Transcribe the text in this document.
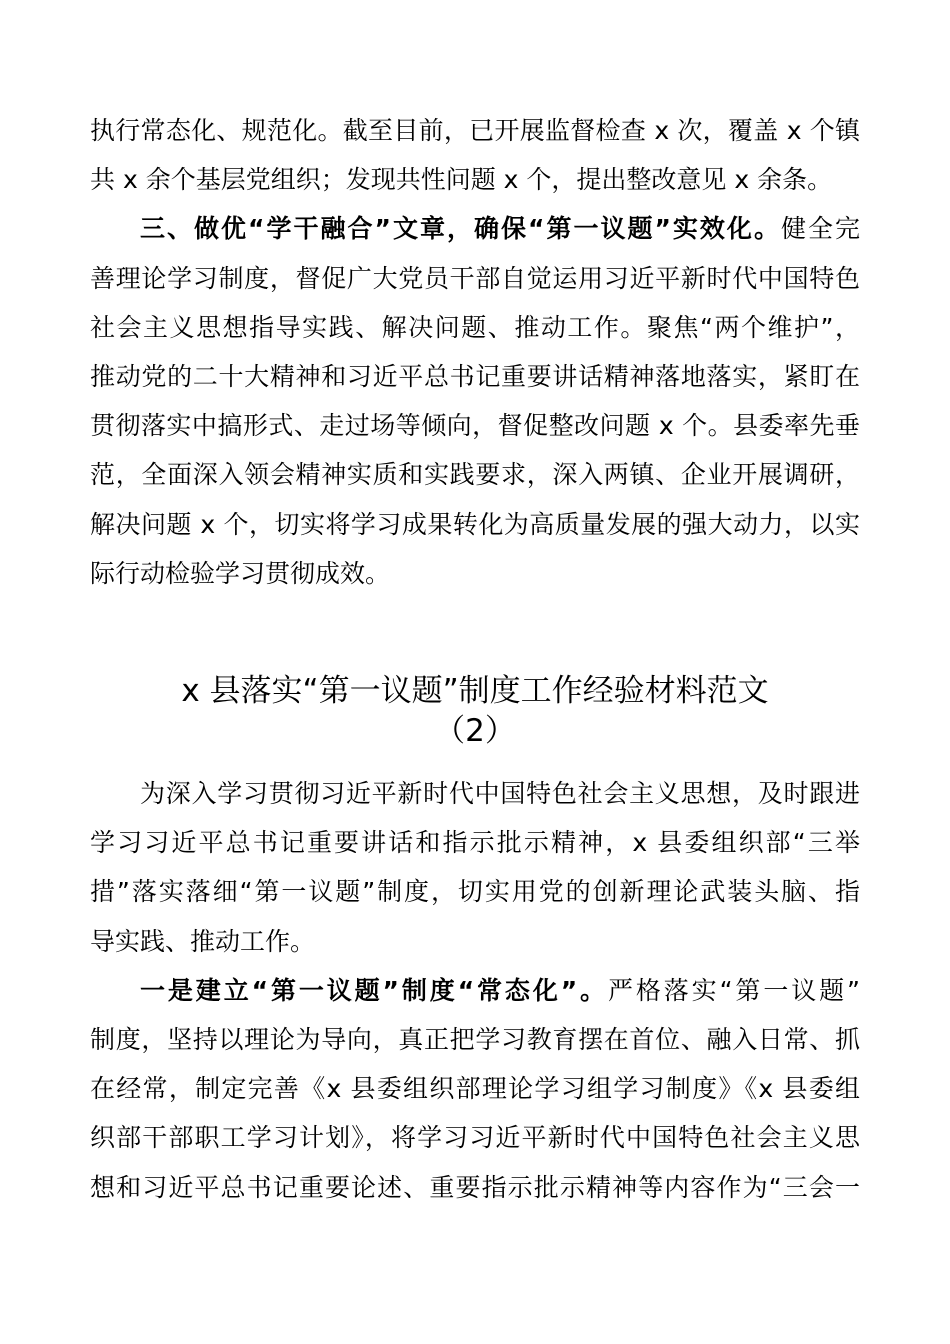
执行常态化、规范化。截至目前，已开展监督检查 x 次，覆盖 x 个镇
共 x 余个基层党组织；发现共性问题 x 个，提出整改意见 x 余条。
三、做优“学干融合”文章，确保“第一议题”实效化。健全完
善理论学习制度，督促广大党员干部自觉运用习近平新时代中国特色
社会主义思想指导实践、解决问题、推动工作。聚焦“两个维护”，
推动党的二十大精神和习近平总书记重要讲话精神落地落实，紧盯在
贯彻落实中搞形式、走过场等倾向，督促整改问题 x 个。县委率先垂
范，全面深入领会精神实质和实践要求，深入两镇、企业开展调研，
解决问题 x 个，切实将学习成果转化为高质量发展的强大动力，以实
际行动检验学习贯彻成效。
x 县落实“第一议题”制度工作经验材料范文
（2）
为深入学习贯彻习近平新时代中国特色社会主义思想，及时跟进
学习习近平总书记重要讲话和指示批示精神，x 县委组织部“三举
措”落实落细“第一议题”制度，切实用党的创新理论武装头脑、指
导实践、推动工作。
一是建立“第一议题”制度“常态化”。严格落实“第一议题”
制度，坚持以理论为导向，真正把学习教育摆在首位、融入日常、抓
在经常，制定完善《x 县委组织部理论学习组学习制度》《x 县委组
织部干部职工学习计划》，将学习习近平新时代中国特色社会主义思
想和习近平总书记重要论述、重要指示批示精神等内容作为“三会一
